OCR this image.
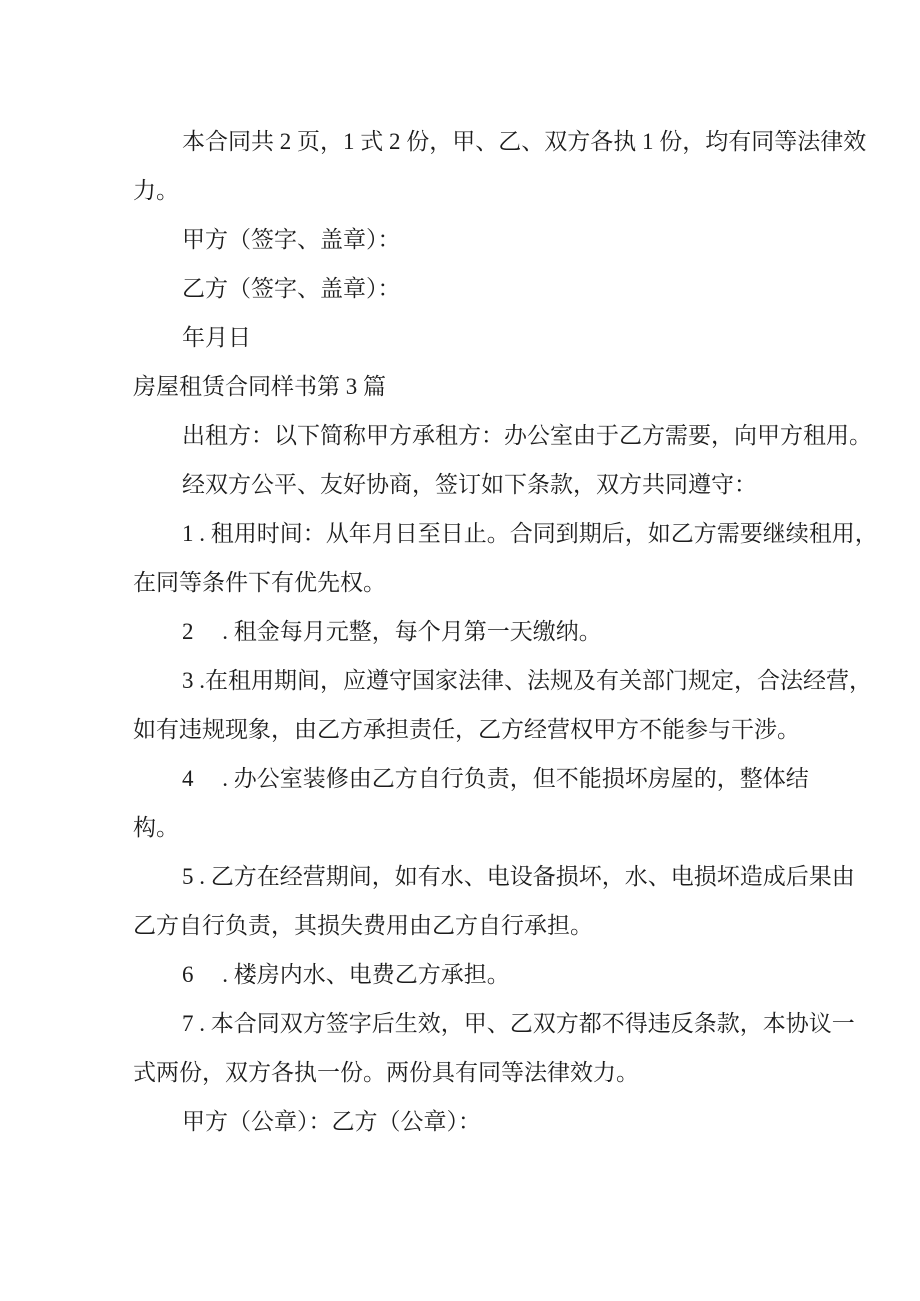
本合同共 2 页，1 式 2 份，甲、乙、双方各执 1 份，均有同等法律效
力。
甲方（签字、盖章）：
乙方（签字、盖章）：
年月日
房屋租赁合同样书第 3 篇
出租方：以下简称甲方承租方：办公室由于乙方需要，向甲方租用。
经双方公平、友好协商，签订如下条款，双方共同遵守：
1 . 租用时间：从年月日至日止。合同到期后，如乙方需要继续租用，
在同等条件下有优先权。
2　 . 租金每月元整，每个月第一天缴纳。
3 .在租用期间，应遵守国家法律、法规及有关部门规定，合法经营，
如有违规现象，由乙方承担责任，乙方经营权甲方不能参与干涉。
4　 . 办公室装修由乙方自行负责，但不能损坏房屋的，整体结
构。
5 . 乙方在经营期间，如有水、电设备损坏，水、电损坏造成后果由
乙方自行负责，其损失费用由乙方自行承担。
6　 . 楼房内水、电费乙方承担。
7 . 本合同双方签字后生效，甲、乙双方都不得违反条款，本协议一
式两份，双方各执一份。两份具有同等法律效力。
甲方（公章）：乙方（公章）：
